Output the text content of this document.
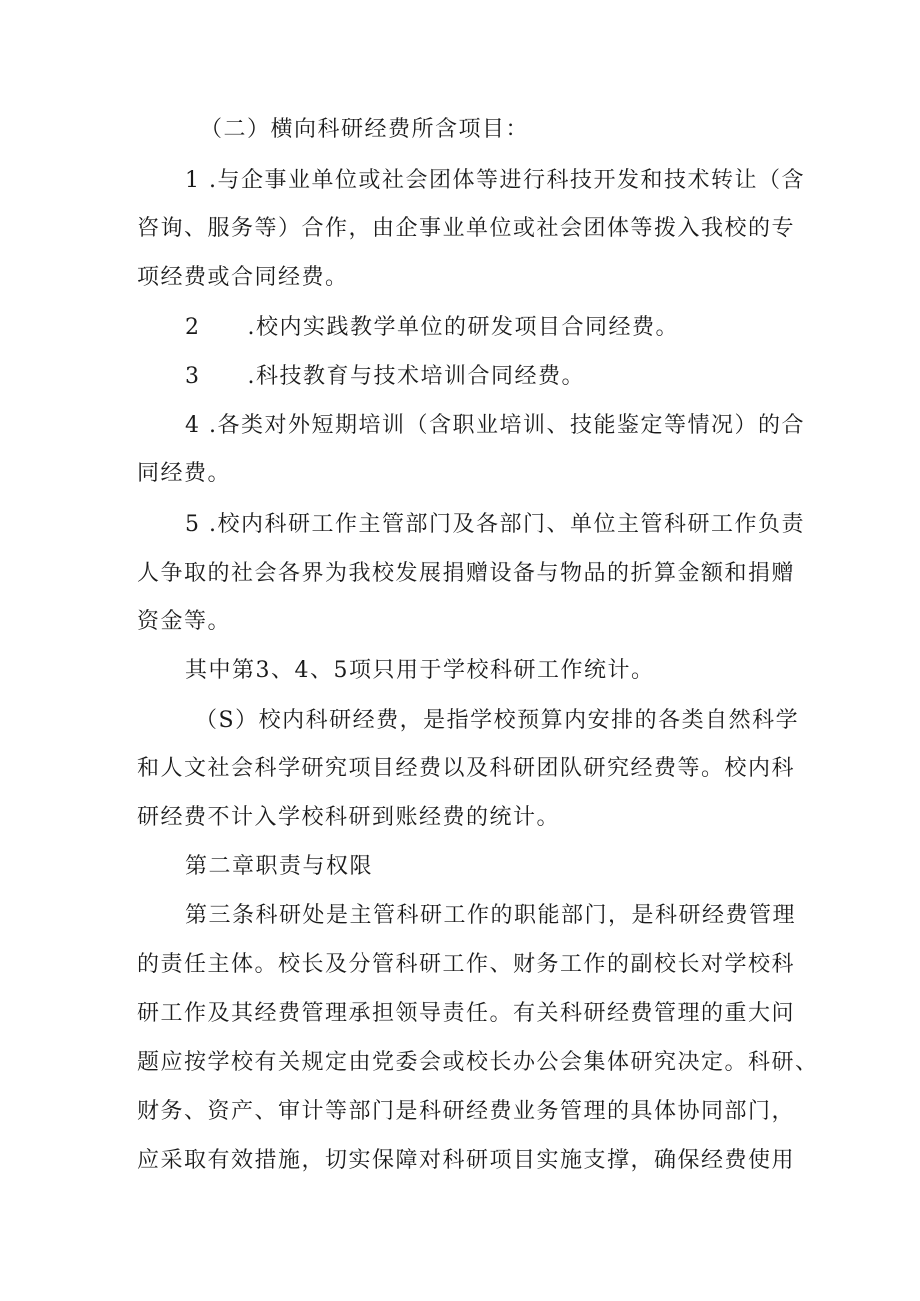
（二）横向科研经费所含项目：
1 .与企事业单位或社会团体等进行科技开发和技术转让（含
咨询、服务等）合作，由企事业单位或社会团体等拨入我校的专
项经费或合同经费。
2　　.校内实践教学单位的研发项目合同经费。
3　　.科技教育与技术培训合同经费。
4 .各类对外短期培训（含职业培训、技能鉴定等情况）的合
同经费。
5 .校内科研工作主管部门及各部门、单位主管科研工作负责
人争取的社会各界为我校发展捐赠设备与物品的折算金额和捐赠
资金等。
其中第3、4、5项只用于学校科研工作统计。
（S）校内科研经费，是指学校预算内安排的各类自然科学
和人文社会科学研究项目经费以及科研团队研究经费等。校内科
研经费不计入学校科研到账经费的统计。
第二章职责与权限
第三条科研处是主管科研工作的职能部门，是科研经费管理
的责任主体。校长及分管科研工作、财务工作的副校长对学校科
研工作及其经费管理承担领导责任。有关科研经费管理的重大问
题应按学校有关规定由党委会或校长办公会集体研究决定。科研、
财务、资产、审计等部门是科研经费业务管理的具体协同部门，
应采取有效措施，切实保障对科研项目实施支撑，确保经费使用
